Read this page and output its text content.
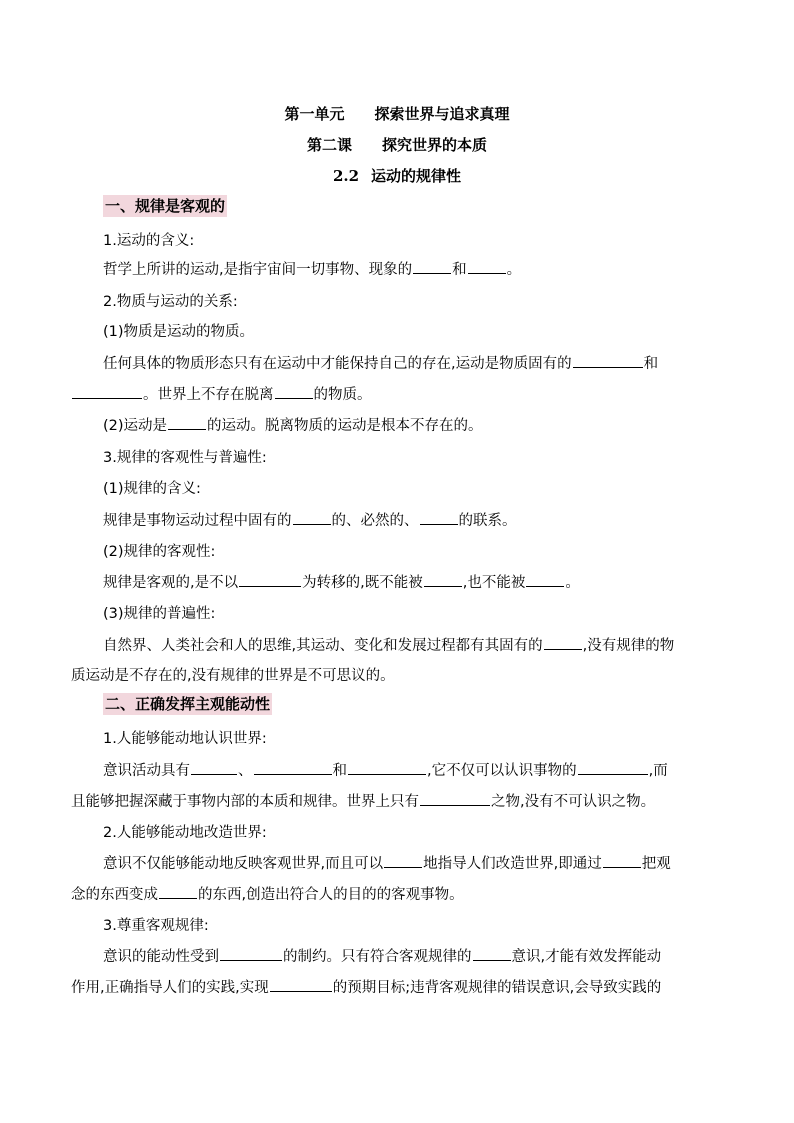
第一单元 探索世界与追求真理
第二课 探究世界的本质
2.2 运动的规律性
一、规律是客观的
1.运动的含义:
哲学上所讲的运动,是指宇宙间一切事物、现象的	和	。
2.物质与运动的关系:
(1)物质是运动的物质。
任何具体的物质形态只有在运动中才能保持自己的存在,运动是物质固有的	和
。世界上不存在脱离	的物质。
(2)运动是	的运动。脱离物质的运动是根本不存在的。
3.规律的客观性与普遍性:
(1)规律的含义:
规律是事物运动过程中固有的	的、必然的、	的联系。
(2)规律的客观性:
规律是客观的,是不以	为转移的,既不能被	,也不能被	。
(3)规律的普遍性:
自然界、人类社会和人的思维,其运动、变化和发展过程都有其固有的	,没有规律的物
质运动是不存在的,没有规律的世界是不可思议的。
二、正确发挥主观能动性
1.人能够能动地认识世界:
意识活动具有	、	和	,它不仅可以认识事物的	,而
且能够把握深藏于事物内部的本质和规律。世界上只有	之物,没有不可认识之物。
2.人能够能动地改造世界:
意识不仅能够能动地反映客观世界,而且可以	地指导人们改造世界,即通过	把观
念的东西变成	的东西,创造出符合人的目的的客观事物。
3.尊重客观规律:
意识的能动性受到	的制约。只有符合客观规律的	意识,才能有效发挥能动
作用,正确指导人们的实践,实现	的预期目标;违背客观规律的错误意识,会导致实践的
